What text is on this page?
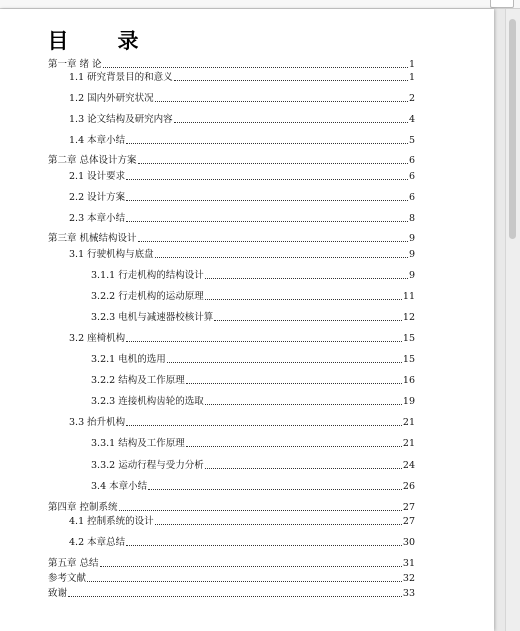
目　录
第一章 绪 论	1
1.1 研究背景目的和意义	1
1.2 国内外研究状况	2
1.3 论文结构及研究内容	4
1.4 本章小结	5
第二章 总体设计方案	6
2.1 设计要求	6
2.2 设计方案	6
2.3 本章小结	8
第三章 机械结构设计	9
3.1 行驶机构与底盘	9
3.1.1 行走机构的结构设计	9
3.2.2 行走机构的运动原理	11
3.2.3 电机与减速器校核计算	12
3.2 座椅机构	15
3.2.1 电机的选用	15
3.2.2 结构及工作原理	16
3.2.3 连接机构齿轮的选取	19
3.3 抬升机构	21
3.3.1 结构及工作原理	21
3.3.2 运动行程与受力分析	24
3.4 本章小结	26
第四章 控制系统	27
4.1 控制系统的设计	27
4.2 本章总结	30
第五章 总结	31
参考文献	32
致谢	33
